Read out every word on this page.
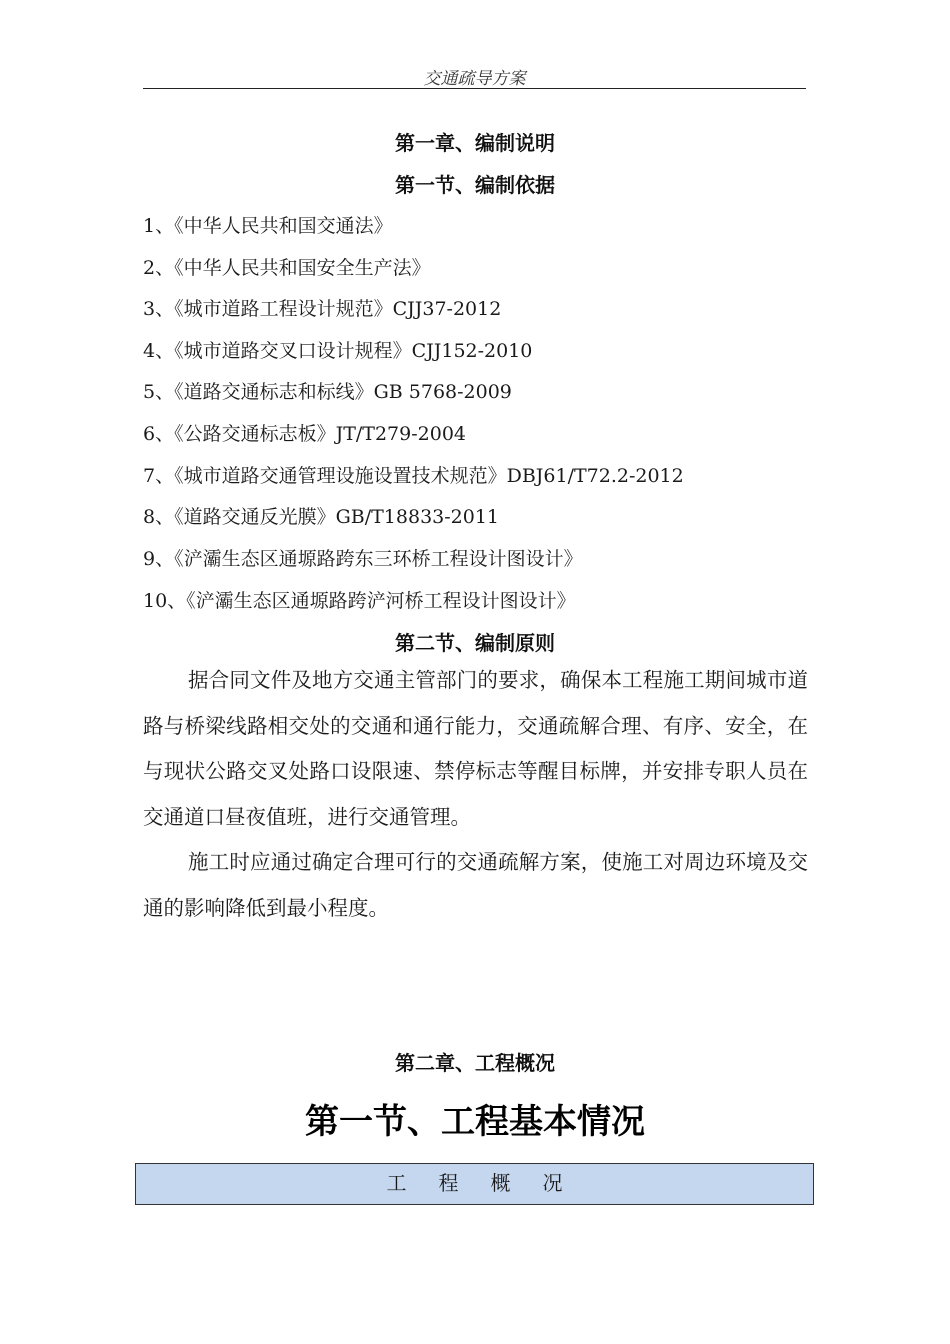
交通疏导方案
第一章、编制说明
第一节、编制依据
1、《中华人民共和国交通法》
2、《中华人民共和国安全生产法》
3、《城市道路工程设计规范》CJJ37-2012
4、《城市道路交叉口设计规程》CJJ152-2010
5、《道路交通标志和标线》GB 5768-2009
6、《公路交通标志板》JT/T279-2004
7、《城市道路交通管理设施设置技术规范》DBJ61/T72.2-2012
8、《道路交通反光膜》GB/T18833-2011
9、《浐灞生态区通塬路跨东三环桥工程设计图设计》
10、《浐灞生态区通塬路跨浐河桥工程设计图设计》
第二节、编制原则
据合同文件及地方交通主管部门的要求，确保本工程施工期间城市道路与桥梁线路相交处的交通和通行能力，交通疏解合理、有序、安全，在与现状公路交叉处路口设限速、禁停标志等醒目标牌，并安排专职人员在交通道口昼夜值班，进行交通管理。
施工时应通过确定合理可行的交通疏解方案，使施工对周边环境及交通的影响降低到最小程度。
第二章、工程概况
第一节、工程基本情况
工程概况
